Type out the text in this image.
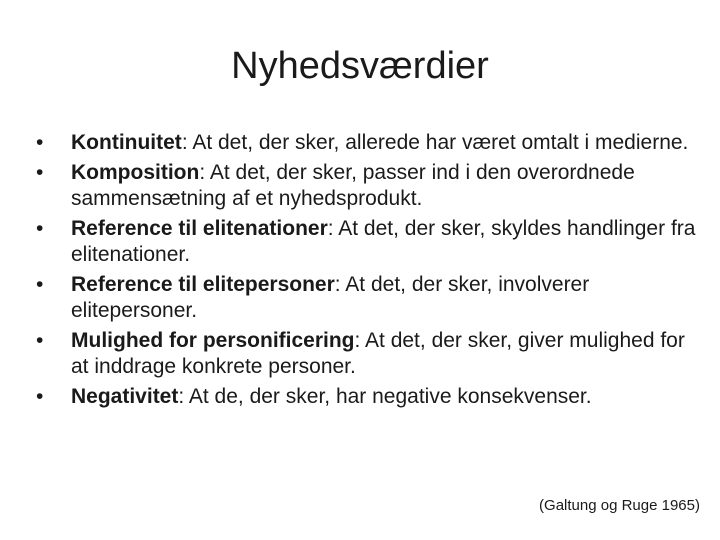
Nyhedsværdier
•	Kontinuitet: At det, der sker, allerede har været omtalt i medierne.
•	Komposition: At det, der sker, passer ind i den overordnede sammensætning af et nyhedsprodukt.
•	Reference til elitenationer: At det, der sker, skyldes handlinger fra elitenationer.
•	Reference til elitepersoner: At det, der sker, involverer elitepersoner.
•	Mulighed for personificering: At det, der sker, giver mulighed for at inddrage konkrete personer.
•	Negativitet: At de, der sker, har negative konsekvenser.

(Galtung og Ruge 1965)
